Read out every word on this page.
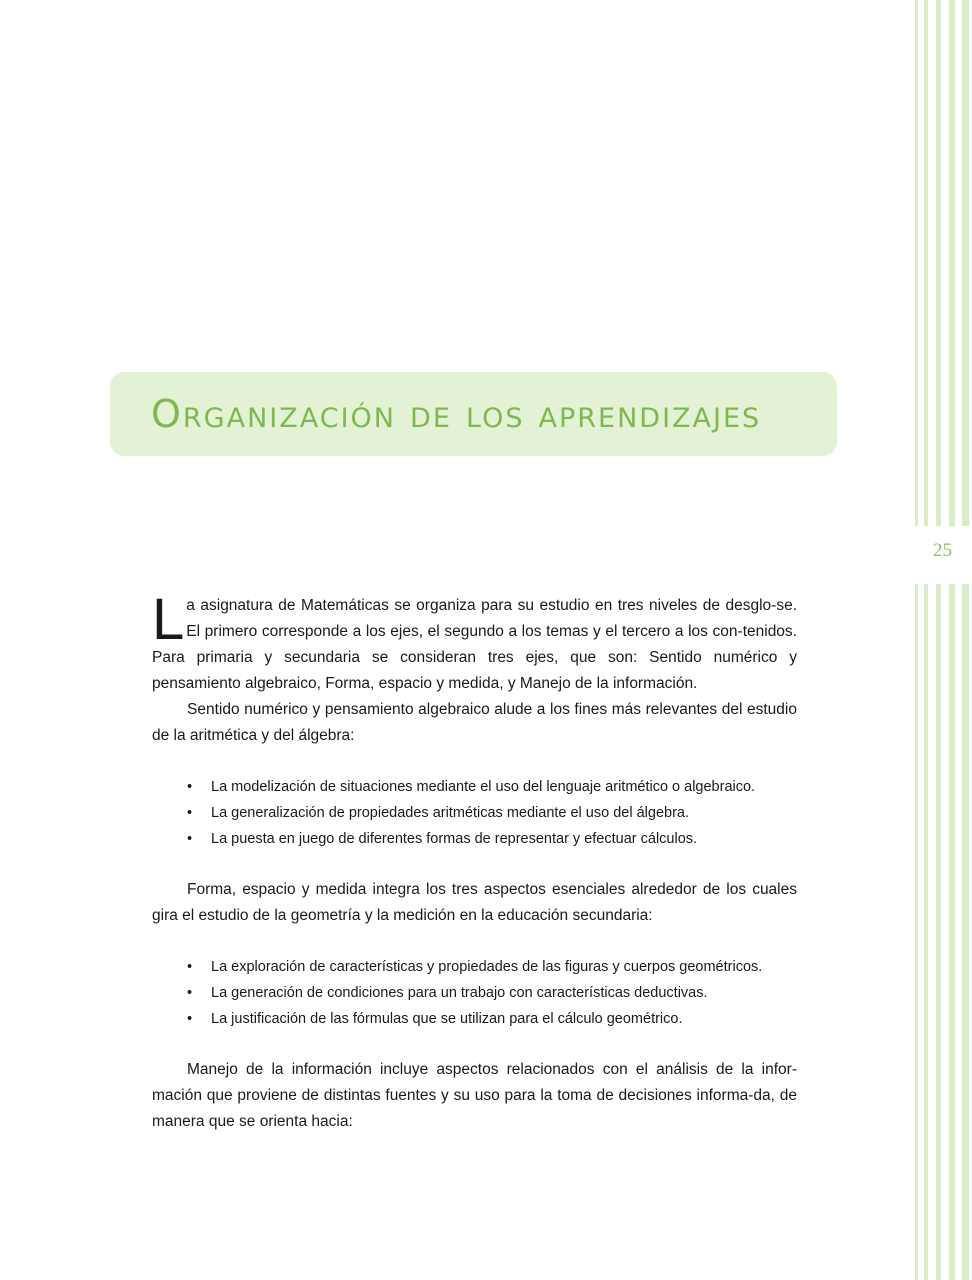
25
Organización de los aprendizajes

La asignatura de Matemáticas se organiza para su estudio en tres niveles de desglo-se. El primero corresponde a los ejes, el segundo a los temas y el tercero a los con-tenidos. Para primaria y secundaria se consideran tres ejes, que son: Sentido numérico y pensamiento algebraico, Forma, espacio y medida, y Manejo de la información.

Sentido numérico y pensamiento algebraico alude a los fines más relevantes del estudio de la aritmética y del álgebra:

• La modelización de situaciones mediante el uso del lenguaje aritmético o algebraico.
• La generalización de propiedades aritméticas mediante el uso del álgebra.
• La puesta en juego de diferentes formas de representar y efectuar cálculos.

Forma, espacio y medida integra los tres aspectos esenciales alrededor de los cuales gira el estudio de la geometría y la medición en la educación secundaria:

• La exploración de características y propiedades de las figuras y cuerpos geométricos.
• La generación de condiciones para un trabajo con características deductivas.
• La justificación de las fórmulas que se utilizan para el cálculo geométrico.

Manejo de la información incluye aspectos relacionados con el análisis de la infor-mación que proviene de distintas fuentes y su uso para la toma de decisiones informa-da, de manera que se orienta hacia:
